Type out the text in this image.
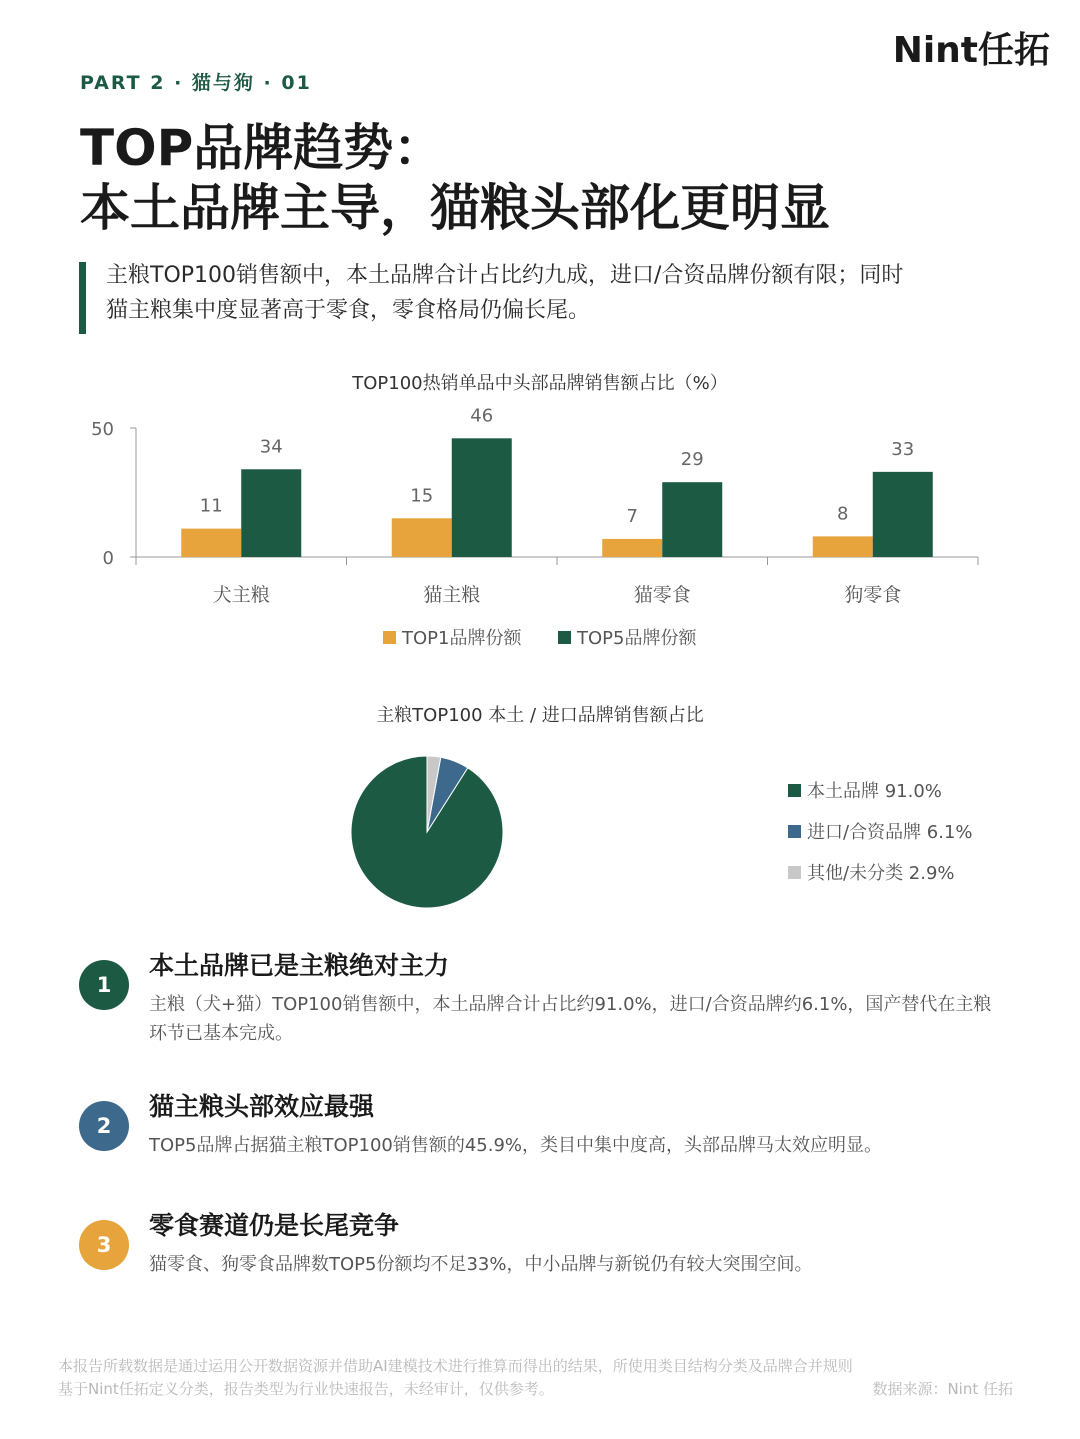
Nint任拓
PART 2 · 猫与狗 · 01
TOP品牌趋势：
本土品牌主导，猫粮头部化更明显
主粮TOP100销售额中，本土品牌合计占比约九成，进口/合资品牌份额有限；同时
猫主粮集中度显著高于零食，零食格局仍偏长尾。
TOP100热销单品中头部品牌销售额占比（%）
0
50
犬主粮
11
34
猫主粮
15
46
猫零食
7
29
狗零食
8
33
TOP1品牌份额	TOP5品牌份额
主粮TOP100 本土 / 进口品牌销售额占比
本土品牌 91.0%
进口/合资品牌 6.1%
其他/未分类 2.9%
1
本土品牌已是主粮绝对主力
主粮（犬+猫）TOP100销售额中，本土品牌合计占比约91.0%，进口/合资品牌约6.1%，国产替代在主粮环节已基本完成。
2
猫主粮头部效应最强
TOP5品牌占据猫主粮TOP100销售额的45.9%，类目中集中度高，头部品牌马太效应明显。
3
零食赛道仍是长尾竞争
猫零食、狗零食品牌数TOP5份额均不足33%，中小品牌与新锐仍有较大突围空间。
本报告所载数据是通过运用公开数据资源并借助AI建模技术进行推算而得出的结果，所使用类目结构分类及品牌合并规则
基于Nint任拓定义分类，报告类型为行业快速报告，未经审计，仅供参考。	数据来源：Nint 任拓
